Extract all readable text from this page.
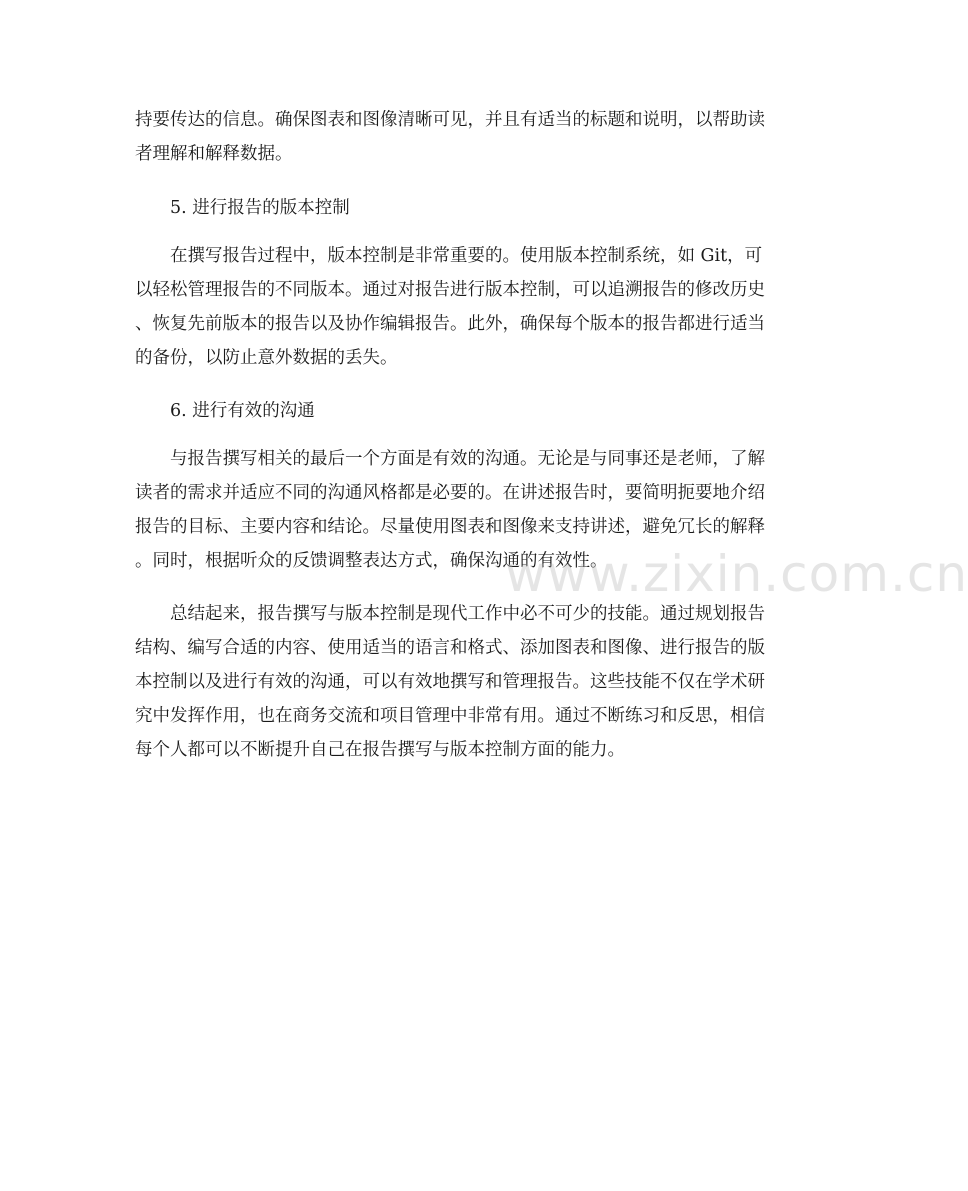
持要传达的信息。确保图表和图像清晰可见，并且有适当的标题和说明，以帮助读
者理解和解释数据。

5. 进行报告的版本控制

在撰写报告过程中，版本控制是非常重要的。使用版本控制系统，如 Git，可
以轻松管理报告的不同版本。通过对报告进行版本控制，可以追溯报告的修改历史
、恢复先前版本的报告以及协作编辑报告。此外，确保每个版本的报告都进行适当
的备份，以防止意外数据的丢失。

6. 进行有效的沟通

与报告撰写相关的最后一个方面是有效的沟通。无论是与同事还是老师，了解
读者的需求并适应不同的沟通风格都是必要的。在讲述报告时，要简明扼要地介绍
报告的目标、主要内容和结论。尽量使用图表和图像来支持讲述，避免冗长的解释
。同时，根据听众的反馈调整表达方式，确保沟通的有效性。

总结起来，报告撰写与版本控制是现代工作中必不可少的技能。通过规划报告
结构、编写合适的内容、使用适当的语言和格式、添加图表和图像、进行报告的版
本控制以及进行有效的沟通，可以有效地撰写和管理报告。这些技能不仅在学术研
究中发挥作用，也在商务交流和项目管理中非常有用。通过不断练习和反思，相信
每个人都可以不断提升自己在报告撰写与版本控制方面的能力。

www.zixin.com.cn
